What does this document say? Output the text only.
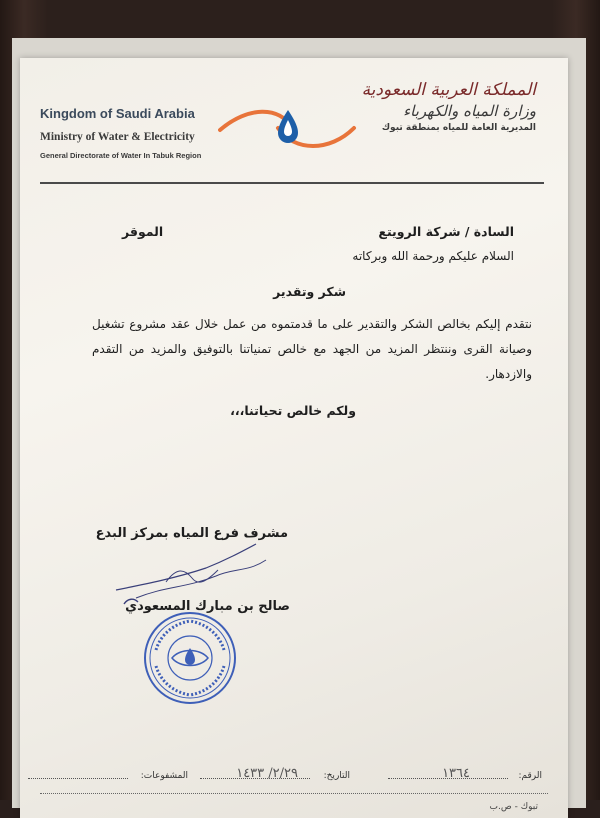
Kingdom of Saudi Arabia
Ministry of Water & Electricity
General Directorate of Water In Tabuk Region
المملكة العربية السعودية
وزارة المياه والكهرباء
المديرية العامة للمياه بمنطقة تبوك
السادة / شركة الرويتع
الموقر
السلام عليكم ورحمة الله وبركاته
شكر وتقدير
نتقدم إليكم بخالص الشكر والتقدير على ما قدمتموه من عمل خلال عقد مشروع تشغيل وصيانة القرى وننتظر المزيد من الجهد مع خالص تمنياتنا بالتوفيق والمزيد من التقدم والازدهار.
ولكم خالص تحياتنا،،،
مشرف فرع المياه بمركز البدع
صالح بن مبارك المسعودي
الرقم:
١٣٦٤
التاريخ:
٢/٢٩/ ١٤٣٣
المشفوعات:
تبوك - ص.ب
